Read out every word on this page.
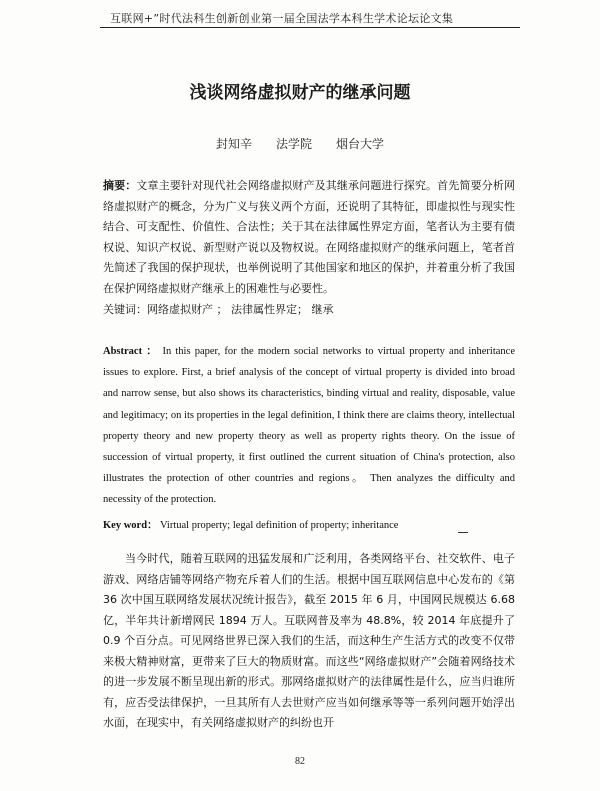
互联网+”时代法科生创新创业第一届全国法学本科生学术论坛论文集
浅谈网络虚拟财产的继承问题
封知辛 法学院 烟台大学
摘要：文章主要针对现代社会网络虚拟财产及其继承问题进行探究。首先简要分析网络虚拟财产的概念，分为广义与狭义两个方面，还说明了其特征，即虚拟性与现实性结合、可支配性、价值性、合法性；关于其在法律属性界定方面，笔者认为主要有债权说、知识产权说、新型财产说以及物权说。在网络虚拟财产的继承问题上，笔者首先简述了我国的保护现状，也举例说明了其他国家和地区的保护，并着重分析了我国在保护网络虚拟财产继承上的困难性与必要性。
关键词：网络虚拟财产 ； 法律属性界定； 继承
Abstract ： In this paper, for the modern social networks to virtual property and inheritance issues to explore. First, a brief analysis of the concept of virtual property is divided into broad and narrow sense, but also shows its characteristics, binding virtual and reality, disposable, value and legitimacy; on its properties in the legal definition, I think there are claims theory, intellectual property theory and new property theory as well as property rights theory. On the issue of succession of virtual property, it first outlined the current situation of China's protection, also illustrates the protection of other countries and regions。 Then analyzes the difficulty and necessity of the protection.
Key word： Virtual property; legal definition of property; inheritance
当今时代，随着互联网的迅猛发展和广泛利用，各类网络平台、社交软件、电子游戏、网络店铺等网络产物充斥着人们的生活。根据中国互联网信息中心发布的《第 36 次中国互联网络发展状况统计报告》，截至 2015 年 6 月，中国网民规模达 6.68 亿，半年共计新增网民 1894 万人。互联网普及率为 48.8%，较 2014 年底提升了 0.9 个百分点。可见网络世界已深入我们的生活，而这种生产生活方式的改变不仅带来极大精神财富，更带来了巨大的物质财富。而这些“网络虚拟财产”会随着网络技术的进一步发展不断呈现出新的形式。那网络虚拟财产的法律属性是什么，应当归谁所有，应否受法律保护，一旦其所有人去世财产应当如何继承等等一系列问题开始浮出水面，在现实中，有关网络虚拟财产的纠纷也开
82
